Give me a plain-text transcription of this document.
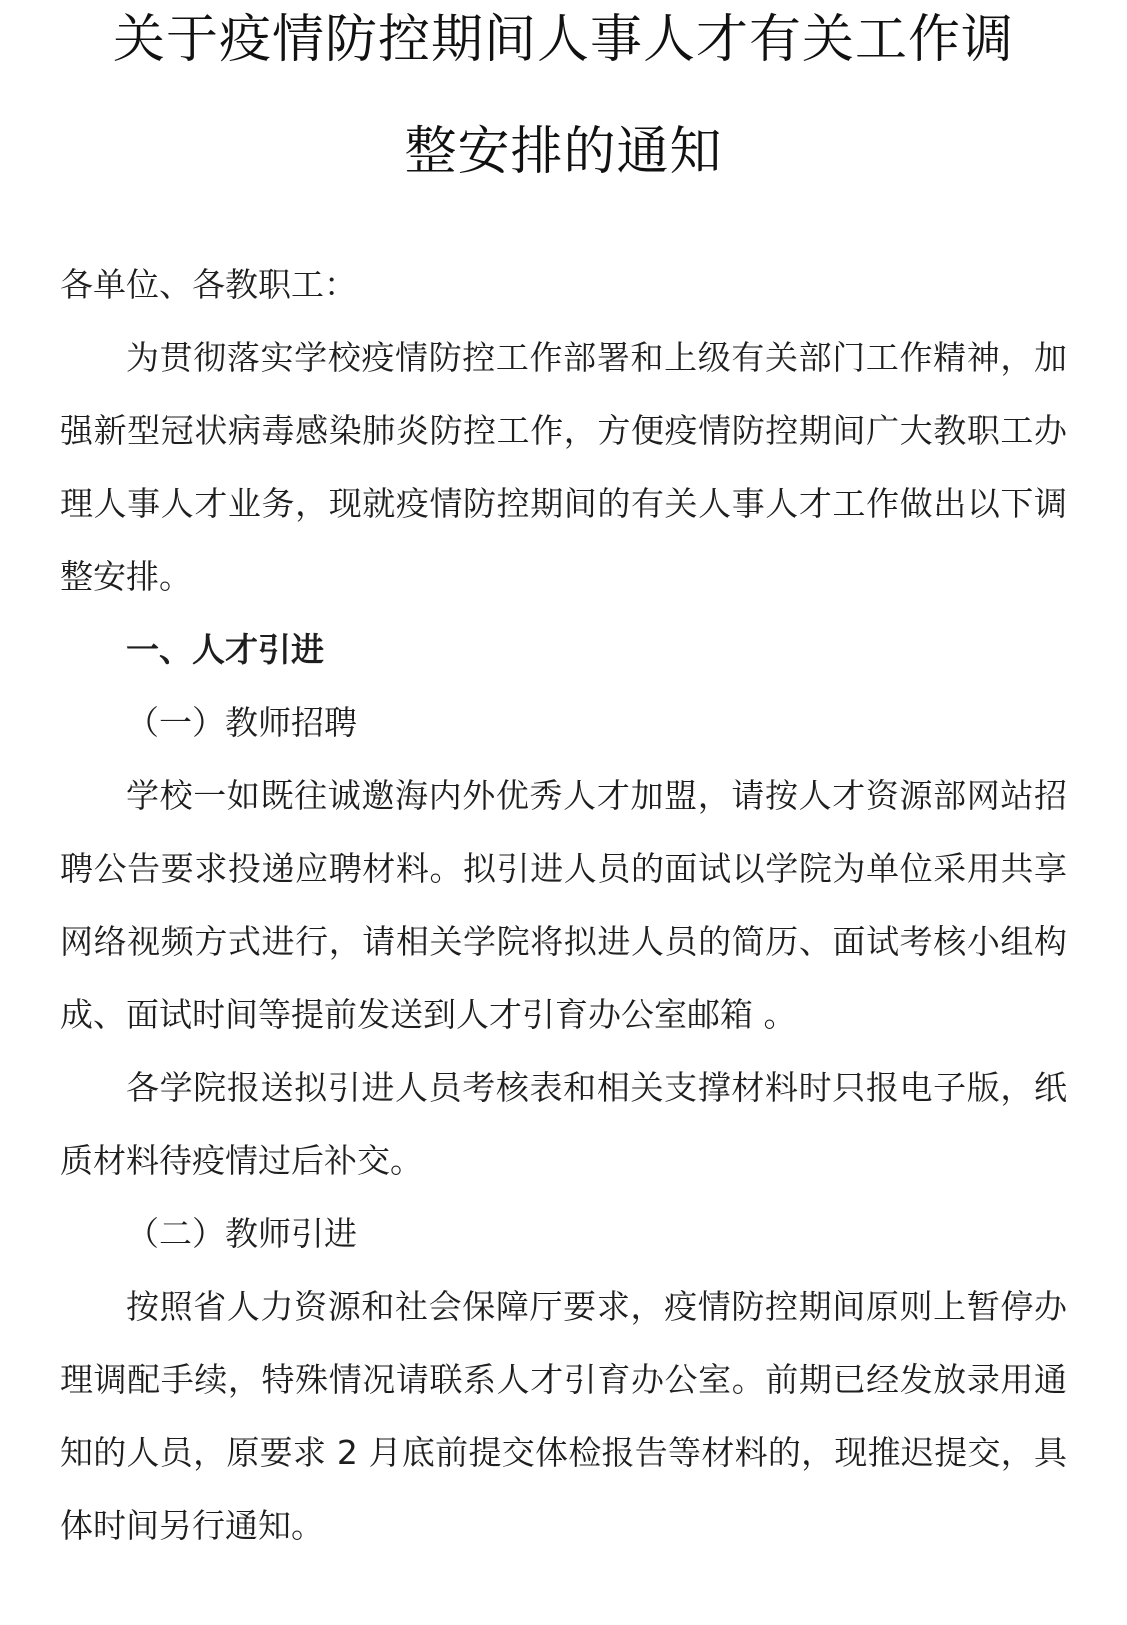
关于疫情防控期间人事人才有关工作调
整安排的通知

各单位、各教职工：

为贯彻落实学校疫情防控工作部署和上级有关部门工作精神，加强新型冠状病毒感染肺炎防控工作，方便疫情防控期间广大教职工办理人事人才业务，现就疫情防控期间的有关人事人才工作做出以下调整安排。

一、人才引进

（一）教师招聘

学校一如既往诚邀海内外优秀人才加盟，请按人才资源部网站招聘公告要求投递应聘材料。拟引进人员的面试以学院为单位采用共享网络视频方式进行，请相关学院将拟进人员的简历、面试考核小组构成、面试时间等提前发送到人才引育办公室邮箱 。

各学院报送拟引进人员考核表和相关支撑材料时只报电子版，纸质材料待疫情过后补交。

（二）教师引进

按照省人力资源和社会保障厅要求，疫情防控期间原则上暂停办理调配手续，特殊情况请联系人才引育办公室。前期已经发放录用通知的人员，原要求 2 月底前提交体检报告等材料的，现推迟提交，具体时间另行通知。
